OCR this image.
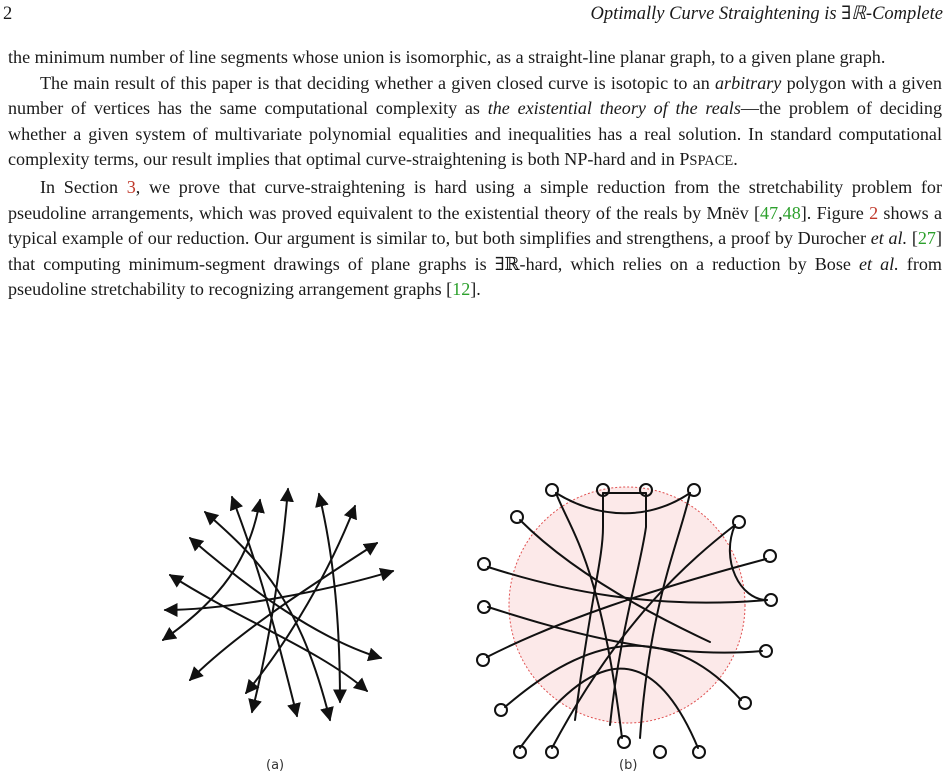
2	Optimally Curve Straightening is ∃ℝ-Complete

the minimum number of line segments whose union is isomorphic, as a straight-line planar graph, to a given plane graph.

The main result of this paper is that deciding whether a given closed curve is isotopic to an arbitrary polygon with a given number of vertices has the same computational complexity as the existential theory of the reals—the problem of deciding whether a given system of multivariate polynomial equalities and inequalities has a real solution. In standard computational complexity terms, our result implies that optimal curve-straightening is both NP-hard and in PSPACE.

In Section 3, we prove that curve-straightening is hard using a simple reduction from the stretchability problem for pseudoline arrangements, which was proved equivalent to the existential theory of the reals by Mnëv [47,48]. Figure 2 shows a typical example of our reduction. Our argument is similar to, but both simplifies and strengthens, a proof by Durocher et al. [27] that computing minimum-segment drawings of plane graphs is ∃ℝ-hard, which relies on a reduction by Bose et al. from pseudoline stretchability to recognizing arrangement graphs [12].

(a)	(b)
